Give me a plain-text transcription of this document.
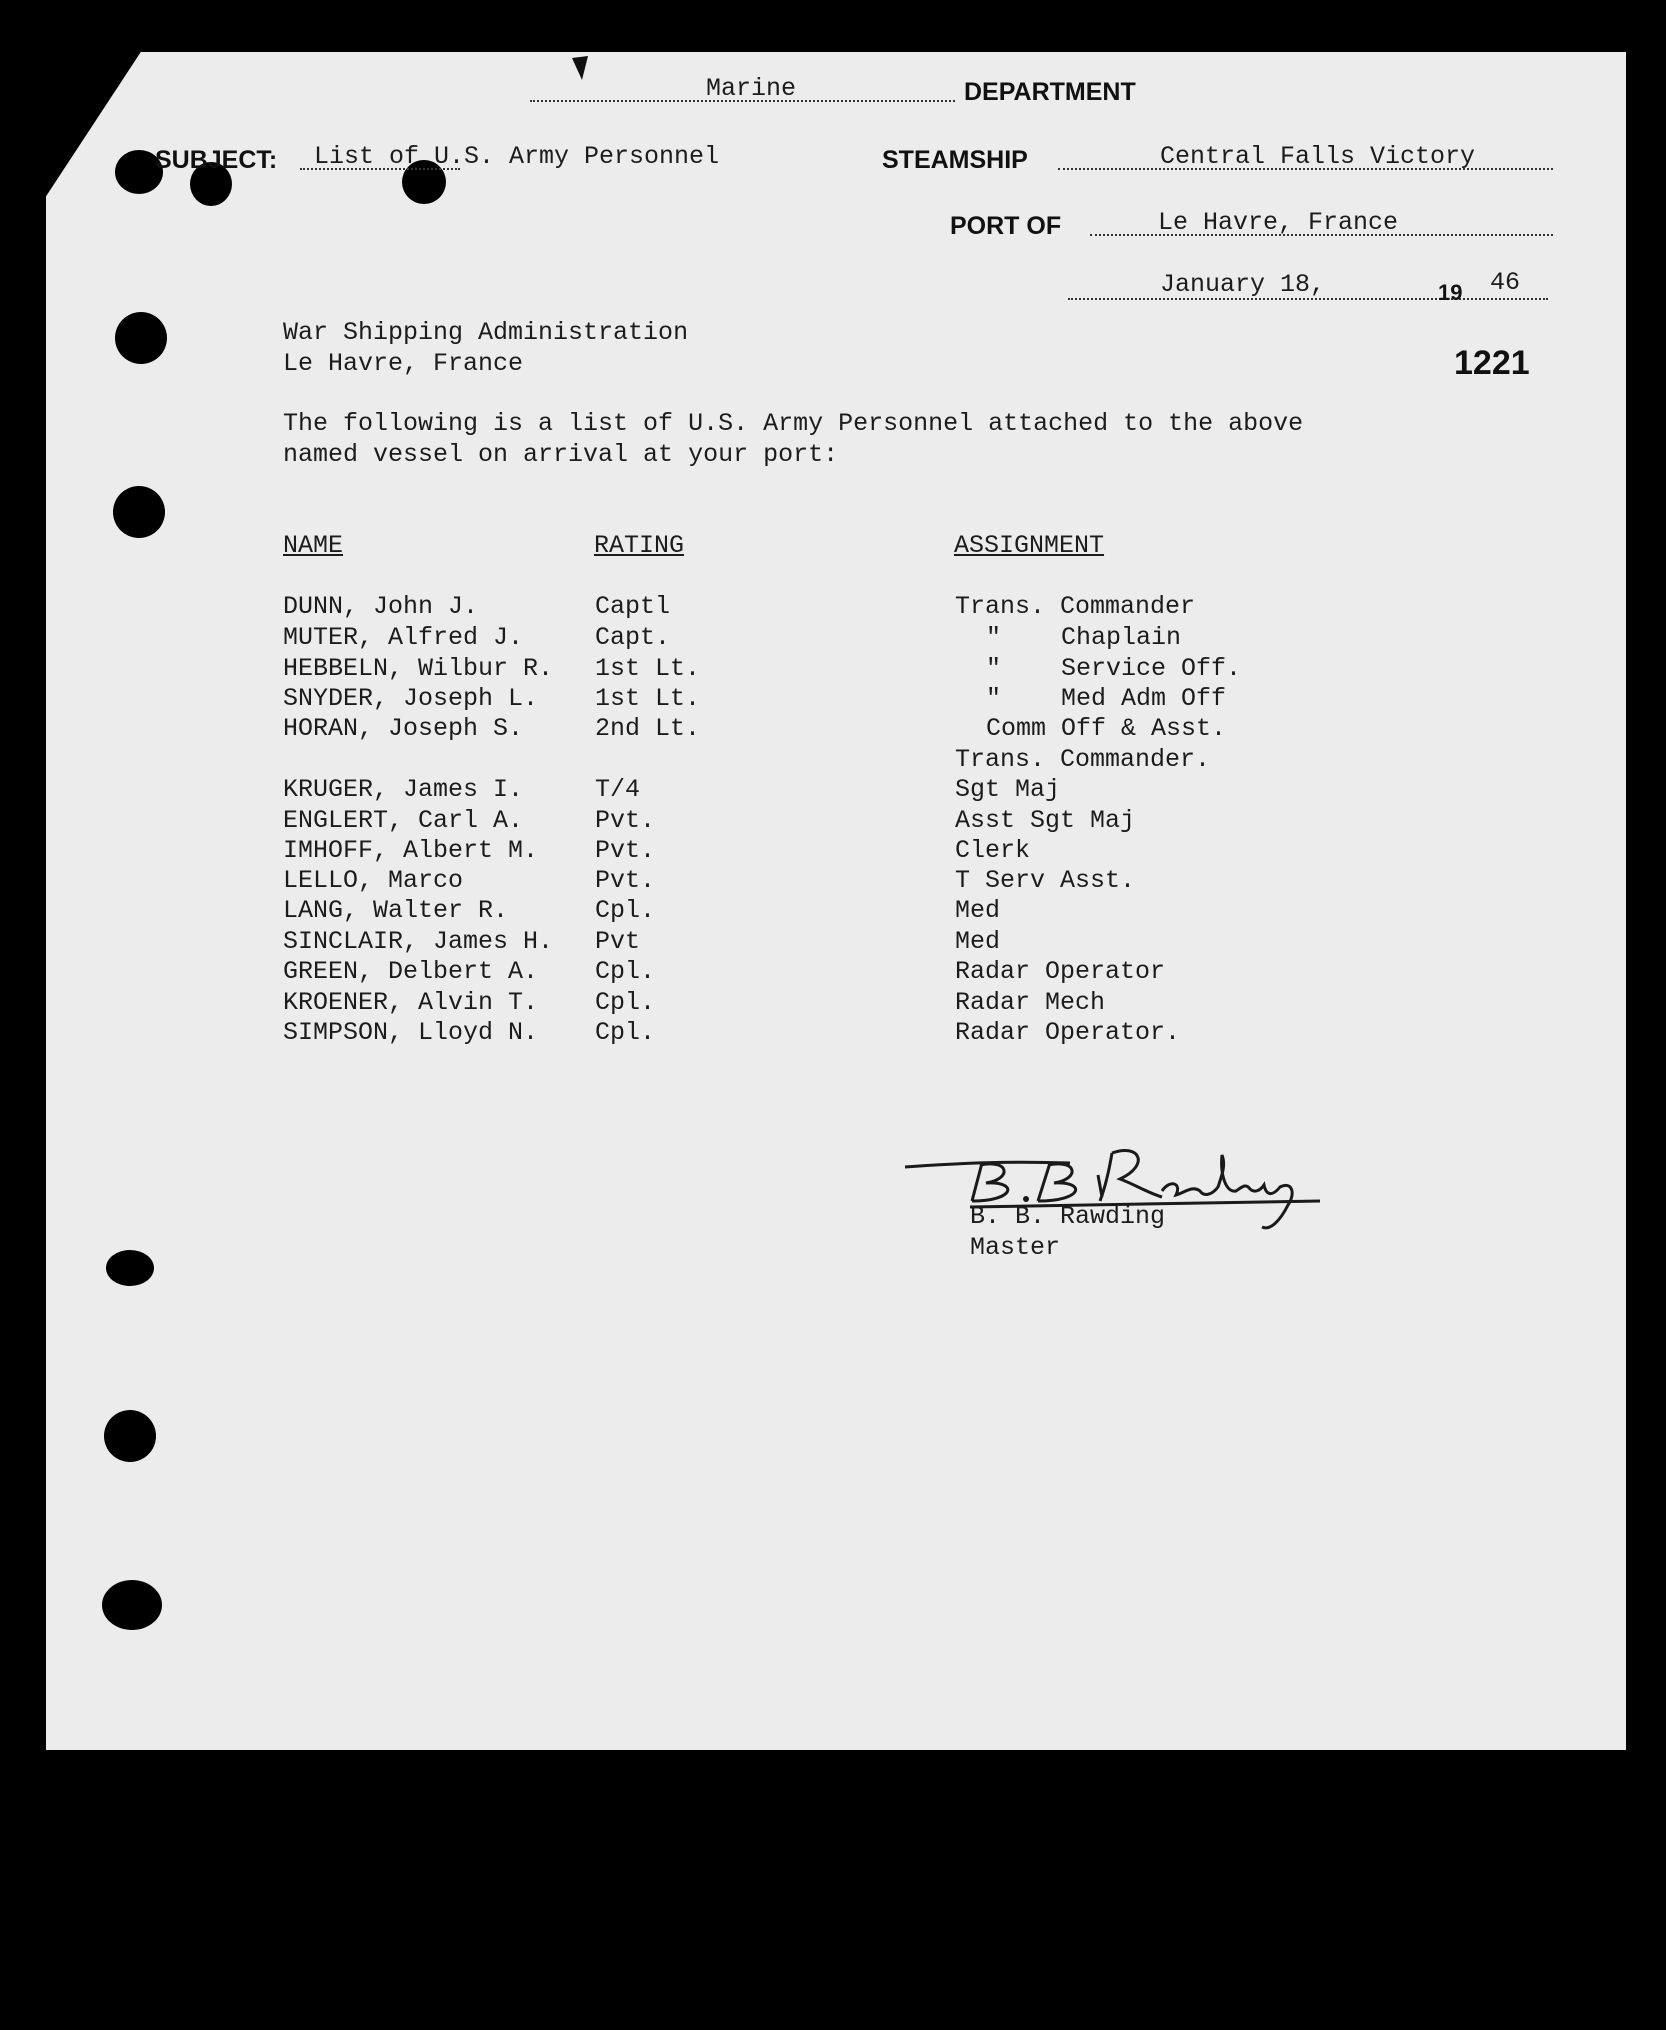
Marine	DEPARTMENT
SUBJECT: List of U.S. Army Personnel	STEAMSHIP	Central Falls Victory
PORT OF	Le Havre, France
January 18,	19 46
1221
War Shipping Administration
Le Havre, France
The following is a list of U.S. Army Personnel attached to the above
named vessel on arrival at your port:
NAME	RATING	ASSIGNMENT
DUNN, John J.	Captl	Trans. Commander
MUTER, Alfred J.	Capt.	"    Chaplain
HEBBELN, Wilbur R. 1st Lt.	"    Service Off.
SNYDER, Joseph L. 1st Lt.	"    Med Adm Off
HORAN, Joseph S.	2nd Lt.	Comm Off & Asst.
Trans. Commander.
KRUGER, James I.	T/4	Sgt Maj
ENGLERT, Carl A.	Pvt.	Asst Sgt Maj
IMHOFF, Albert M. Pvt.	Clerk
LELLO, Marco	Pvt.	T Serv Asst.
LANG, Walter R.	Cpl.	Med
SINCLAIR, James H. Pvt	Med
GREEN, Delbert A. Cpl.	Radar Operator
KROENER, Alvin T. Cpl.	Radar Mech
SIMPSON, Lloyd N. Cpl.	Radar Operator.
B. B. Rawding
Master
